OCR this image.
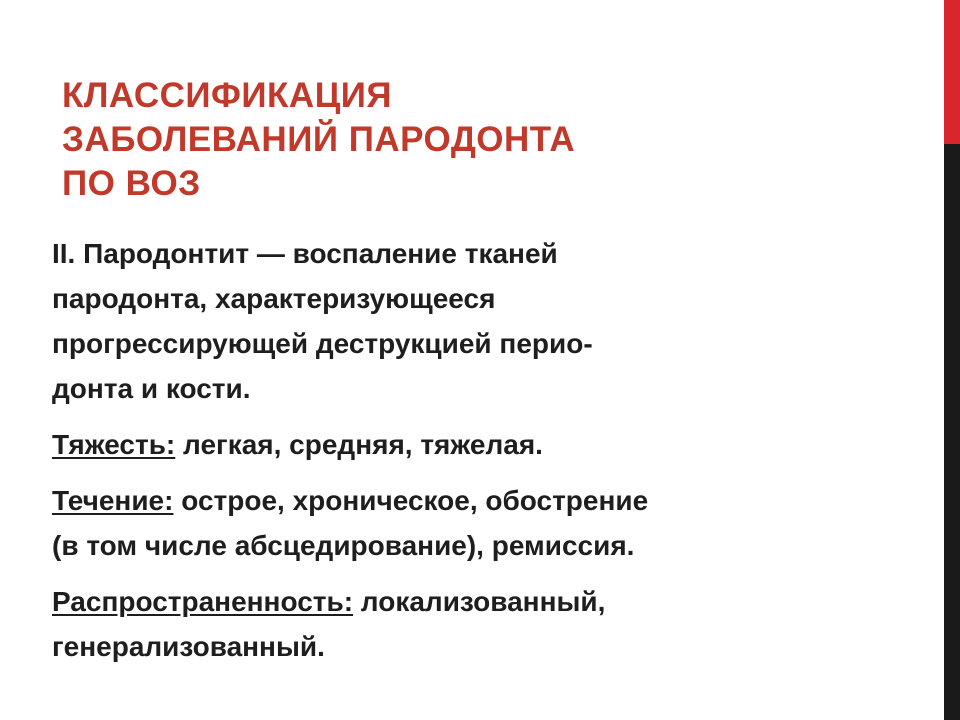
КЛАССИФИКАЦИЯ
ЗАБОЛЕВАНИЙ ПАРОДОНТА
ПО ВОЗ

II. Пародонтит — воспаление тканей
пародонта, характеризующееся
прогрессирующей деструкцией перио-
донта и кости.

Тяжесть: легкая, средняя, тяжелая.

Течение: острое, хроническое, обострение
(в том числе абсцедирование), ремиссия.

Распространенность: локализованный,
генерализованный.
